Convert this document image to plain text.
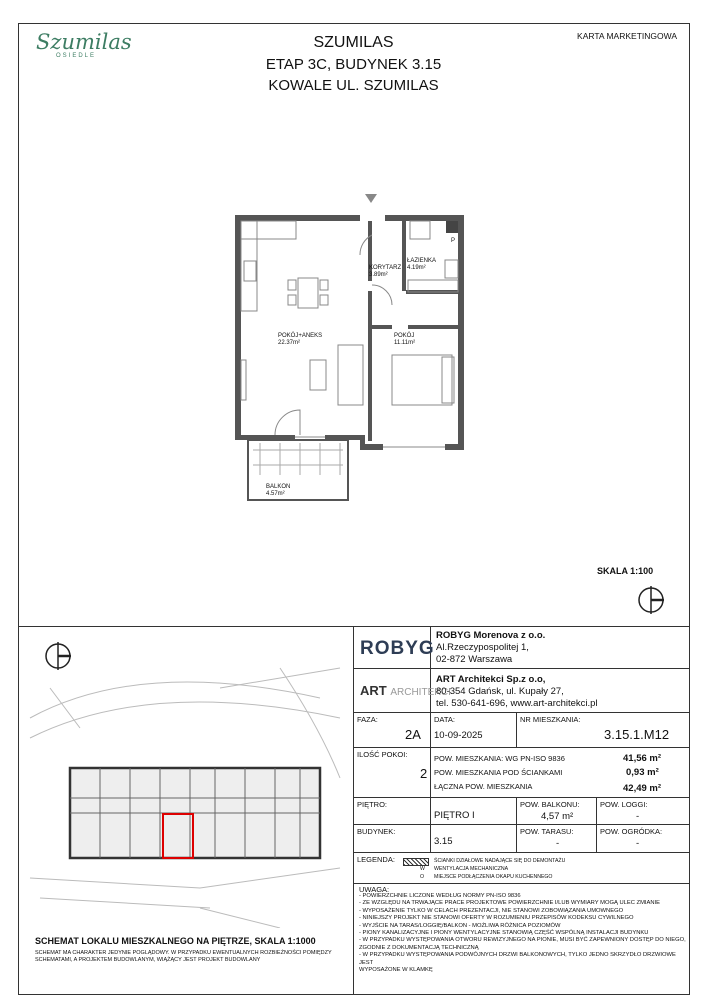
Szumilas
OSIEDLE
SZUMILAS
ETAP 3C, BUDYNEK 3.15
KOWALE UL. SZUMILAS
KARTA MARKETINGOWA
KORYTARZ
3.89m²
ŁAZIENKA
4.19m²
P
POKÓJ+ANEKS
22.37m²
POKÓJ
11.11m²
BALKON
4.57m²
SKALA 1:100
ROBYG
ROBYG Morenova z o.o.
Al.Rzeczypospolitej 1,
02-872 Warszawa
ART ARCHITEKCI
ART Architekci Sp.z o.o,
80-354 Gdańsk, ul. Kupały 27,
tel. 530-641-696, www.art-architekci.pl
FAZA:
2A
DATA:
10-09-2025
NR MIESZKANIA:
3.15.1.M12
ILOŚĆ POKOI:
2
POW. MIESZKANIA: WG PN-ISO 9836	41,56 m²
POW. MIESZKANIA POD ŚCIANKAMI	0,93 m²
ŁĄCZNA POW. MIESZKANIA	42,49 m²
PIĘTRO:
PIĘTRO I
POW. BALKONU:
4,57 m²
POW. LOGGI:
-
BUDYNEK:
3.15
POW. TARASU:
-
POW. OGRÓDKA:
-
LEGENDA:	ŚCIANKI DZIAŁOWE NADAJĄCE SIĘ DO DEMONTAŻU
W WENTYLACJA MECHANICZNA
O MIEJSCE PODŁĄCZENIA OKAPU KUCHENNEGO
UWAGA:
- POWIERZCHNIE LICZONE WEDŁUG NORMY PN-ISO 9836
- ZE WZGLĘDU NA TRWAJĄCE PRACE PROJEKTOWE POWIERZCHNIE I/LUB WYMIARY MOGĄ ULEC ZMIANIE
- WYPOSAŻENIE TYLKO W CELACH PREZENTACJI, NIE STANOWI ZOBOWIĄZANIA UMOWNEGO
- NINIEJSZY PROJEKT NIE STANOWI OFERTY W ROZUMIENIU PRZEPISÓW KODEKSU CYWILNEGO
- WYJŚCIE NA TARAS/LOGGIĘ/BALKON - MOŻLIWA RÓŻNICA POZIOMÓW
- PIONY KANALIZACYJNE I PIONY WENTYLACYJNE STANOWIĄ CZĘŚĆ WSPÓLNĄ INSTALACJI BUDYNKU
- W PRZYPADKU WYSTĘPOWANIA OTWORU REWIZYJNEGO NA PIONIE, MUSI BYĆ ZAPEWNIONY DOSTĘP DO NIEGO,
ZGODNIE Z DOKUMENTACJĄ TECHNICZNĄ
- W PRZYPADKU WYSTĘPOWANIA PODWÓJNYCH DRZWI BALKONOWYCH, TYLKO JEDNO SKRZYDŁO DRZWIOWE JEST
WYPOSAŻONE W KLAMKĘ
SCHEMAT LOKALU MIESZKALNEGO NA PIĘTRZE, SKALA 1:1000
SCHEMAT MA CHARAKTER JEDYNIE POGLĄDOWY. W PRZYPADKU EWENTUALNYCH ROZBIEŻNOŚCI POMIĘDZY
SCHEMATAMI, A PROJEKTEM BUDOWLANYM, WIĄŻĄCY JEST PROJEKT BUDOWLANY
